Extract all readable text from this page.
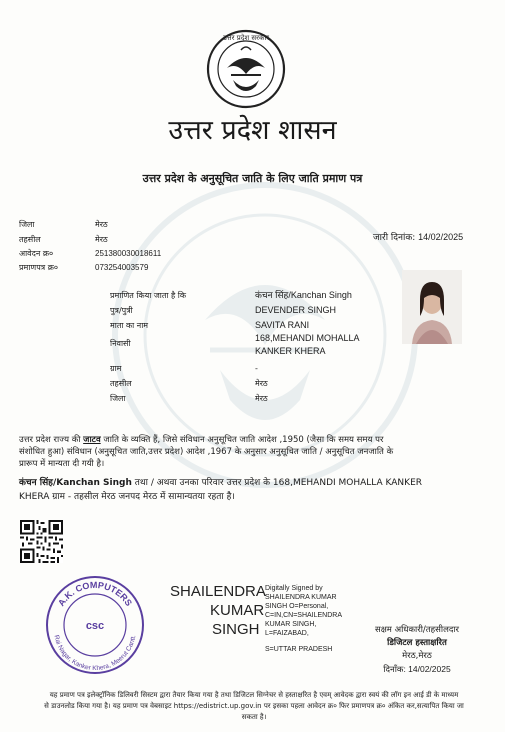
उत्तर प्रदेश सरकार
उत्तर प्रदेश शासन
उत्तर प्रदेश के अनुसूचित जाति के लिए जाति प्रमाण पत्र
जिला	मेरठ
तहसील	मेरठ
आवेदन क्र०	251380030018611
प्रमाणपत्र क्र०	073254003579
जारी दिनांक: 14/02/2025
प्रमाणित किया जाता है कि	कंचन सिंह/Kanchan Singh
पुत्र/पुत्री	DEVENDER SINGH
माता का नाम	SAVITA RANI
निवासी
168,MEHANDI MOHALLA
KANKER KHERA
ग्राम	-
तहसील	मेरठ
जिला	मेरठ
उत्तर प्रदेश राज्य की जाटव जाति के व्यक्ति हैं, जिसे संविधान अनुसूचित जाति आदेश ,1950 (जैसा कि समय समय पर
संशोधित हुआ) संविधान (अनुसूचित जाति,उत्तर प्रदेश) आदेश ,1967 के अनुसार अनुसूचित जाति / अनुसूचित जनजाति के
प्रारूप में मान्यता दी गयी है।
कंचन सिंह/Kanchan Singh तथा / अथवा उनका परिवार उत्तर प्रदेश के 168,MEHANDI MOHALLA KANKER
KHERA ग्राम - तहसील मेरठ जनपद मेरठ में सामान्यतया रहता है।
A.K. COMPUTERS
Rai Nagar, Kanker Khera, Meerut Cantt.
csc
SHAILENDRA
KUMAR
SINGH
Digitally Signed by
SHAILENDRA KUMAR
SINGH O=Personal,
C=IN,CN=SHAILENDRA
KUMAR SINGH,
L=FAIZABAD,
S=UTTAR PRADESH
सक्षम अधिकारी/तहसीलदार
डिजिटल हस्ताक्षरित
मेरठ,मेरठ
दिनाँक: 14/02/2025
यह प्रमाण पत्र इलेक्ट्रॉनिक डिलिवरी सिस्टम द्वारा तैयार किया गया है तथा डिजिटल सिग्नेचर से हस्ताक्षरित है एवम् आवेदक द्वारा स्वयं की लॉग इन आई डी के माध्यम
से डाउनलोड किया गया है। यह प्रमाण पत्र वेबसाइट https://edistrict.up.gov.in पर इसका पहला आवेदन क्र० फिर प्रमाणपत्र क्र० अंकित कर,सत्यापित किया जा
सकता है।
